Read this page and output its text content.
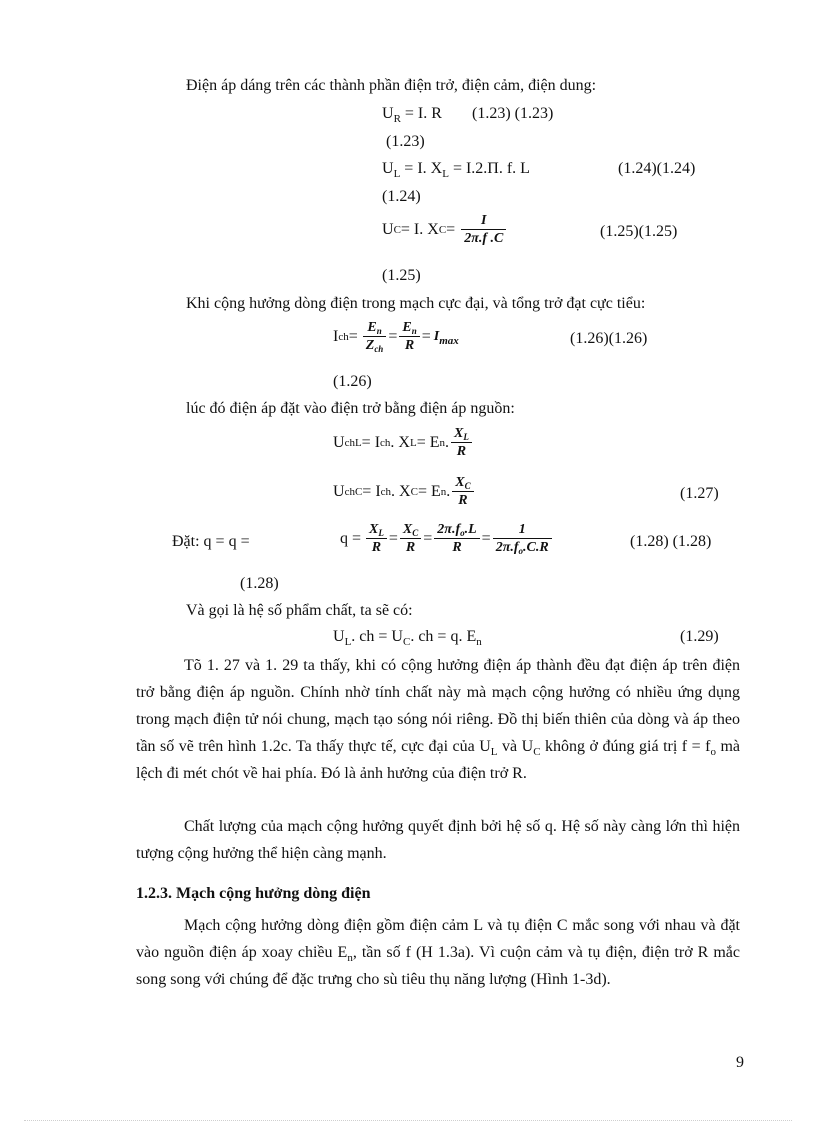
Điện áp dáng trên các thành phần điện trở, điện cảm, điện dung:
$U_R = I$. R (1.23) (1.23)
(1.23)
$U_L = I$. $X_L = I.2.\Pi$. f. L	(1.24)(1.24)
(1.24)
U C = I. X $C = \frac{I}{2\pi.f .C}$	(1.25)(1.25)
(1.25)
Khi cộng hưởng dòng điện trong mạch cực đại, và tổng trở đạt cực tiểu:
I ch = $\frac{E_n}{Z_{ch}} = \frac{E_n}{R} = I_{max}$	(1.26)(1.26)
(1.26)
lúc đó điện áp đặt vào điện trở bằng điện áp nguồn:
U chL = I ch . X L = E n . $\frac{X_L}{R}$
U chC = I ch . X C = E n . $\frac{X_C}{R}$	(1.27)
Đặt: q = q =	$q = \frac{X_L}{R} = \frac{X_C}{R} = \frac{2\pi.f_o.L}{R} = \frac{1}{2\pi.f_o.C.R}$	(1.28) (1.28)
(1.28)
Và gọi là hệ số phẩm chất, ta sẽ có:
$U_L$. ch = $U_C$. ch = q. $E_n$	(1.29)
Tõ 1. 27 và 1. 29 ta thấy, khi có cộng hưởng điện áp thành đều đạt điện áp trên điện trở bằng điện áp nguồn. Chính nhờ tính chất này mà mạch cộng hưởng có nhiều ứng dụng trong mạch điện tử nói chung, mạch tạo sóng nói riêng. Đồ thị biến thiên của dòng và áp theo tần số vẽ trên hình 1.2c. Ta thấy thực tế, cực đại của $U_L$ và $U_C$ không ở đúng giá trị $f = f_o$ mà lệch đi mét chót về hai phía. Đó là ảnh hưởng của điện trở R.
Chất lượng của mạch cộng hưởng quyết định bởi hệ số q. Hệ số này càng lớn thì hiện tượng cộng hưởng thể hiện càng mạnh.
1.2.3. Mạch cộng hưởng dòng điện
Mạch cộng hưởng dòng điện gồm điện cảm L và tụ điện C mắc song với nhau và đặt vào nguồn điện áp xoay chiều $E_n$, tần số f (H 1.3a). Vì cuộn cảm và tụ điện, điện trở R mắc song song với chúng để đặc trưng cho sù tiêu thụ năng lượng (Hình 1-3d).
9
